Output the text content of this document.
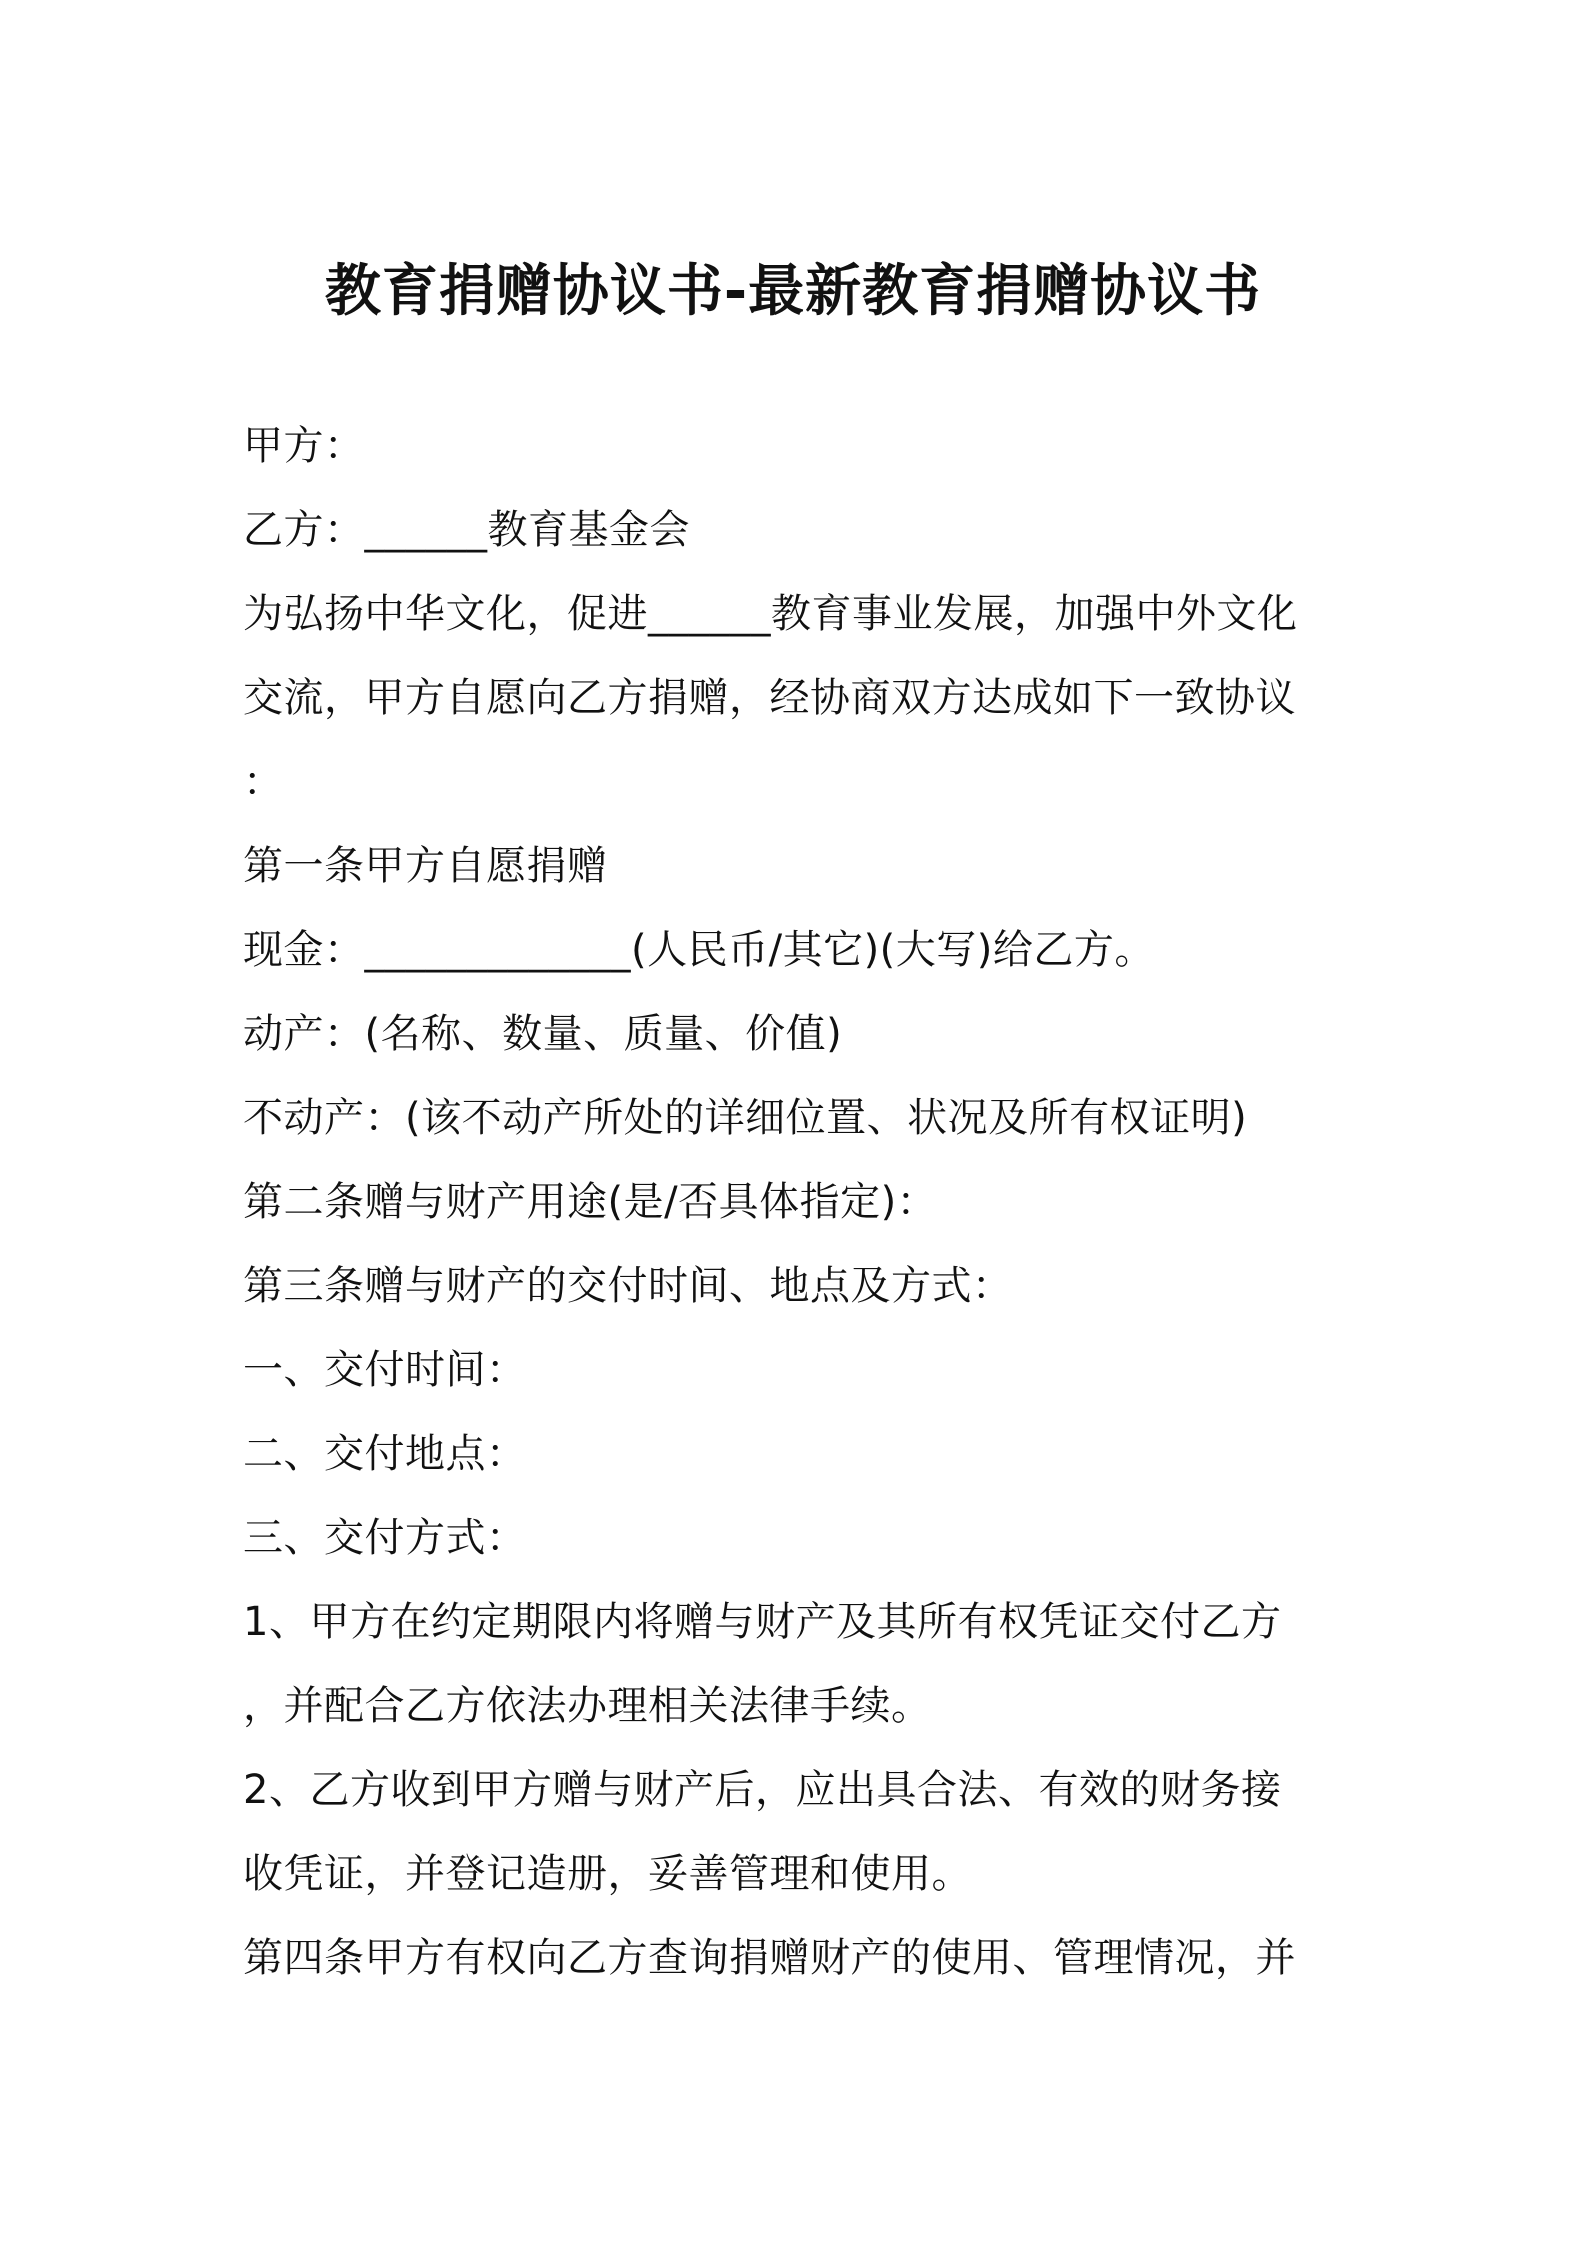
教育捐赠协议书-最新教育捐赠协议书
甲方：
乙方：______教育基金会
为弘扬中华文化，促进______教育事业发展，加强中外文化
交流，甲方自愿向乙方捐赠，经协商双方达成如下一致协议
：
第一条甲方自愿捐赠
现金：_____________(人民币/其它)(大写)给乙方。
动产：(名称、数量、质量、价值)
不动产：(该不动产所处的详细位置、状况及所有权证明)
第二条赠与财产用途(是/否具体指定)：
第三条赠与财产的交付时间、地点及方式：
一、交付时间：
二、交付地点：
三、交付方式：
1、甲方在约定期限内将赠与财产及其所有权凭证交付乙方
，并配合乙方依法办理相关法律手续。
2、乙方收到甲方赠与财产后，应出具合法、有效的财务接
收凭证，并登记造册，妥善管理和使用。
第四条甲方有权向乙方查询捐赠财产的使用、管理情况，并
